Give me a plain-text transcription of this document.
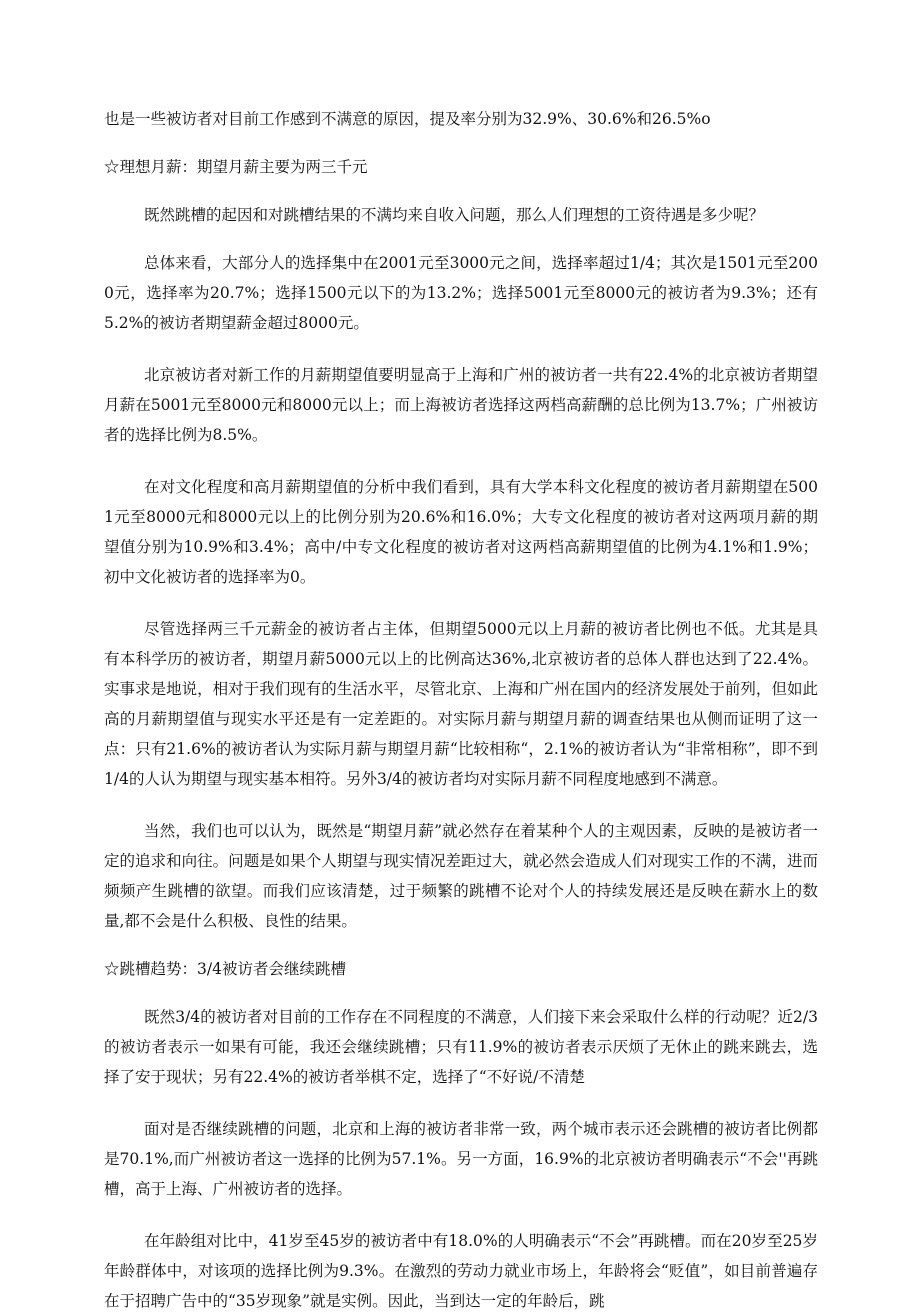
也是一些被访者对目前工作感到不满意的原因，提及率分别为32.9%、30.6%和26.5%o

☆理想月薪：期望月薪主要为两三千元

既然跳槽的起因和对跳槽结果的不满均来自收入问题，那么人们理想的工资待遇是多少呢？

总体来看，大部分人的选择集中在2001元至3000元之间，选择率超过1/4；其次是1501元至2000元，选择率为20.7%；选择1500元以下的为13.2%；选择5001元至8000元的被访者为9.3%；还有5.2%的被访者期望薪金超过8000元。

北京被访者对新工作的月薪期望值要明显高于上海和广州的被访者一共有22.4%的北京被访者期望月薪在5001元至8000元和8000元以上；而上海被访者选择这两档高薪酬的总比例为13.7%；广州被访者的选择比例为8.5%。

在对文化程度和高月薪期望值的分析中我们看到，具有大学本科文化程度的被访者月薪期望在5001元至8000元和8000元以上的比例分别为20.6%和16.0%；大专文化程度的被访者对这两项月薪的期望值分别为10.9%和3.4%；高中/中专文化程度的被访者对这两档高薪期望值的比例为4.1%和1.9%；初中文化被访者的选择率为0。

尽管选择两三千元薪金的被访者占主体，但期望5000元以上月薪的被访者比例也不低。尤其是具有本科学历的被访者，期望月薪5000元以上的比例高达36%,北京被访者的总体人群也达到了22.4%。实事求是地说，相对于我们现有的生活水平，尽管北京、上海和广州在国内的经济发展处于前列，但如此高的月薪期望值与现实水平还是有一定差距的。对实际月薪与期望月薪的调查结果也从侧而证明了这一点：只有21.6%的被访者认为实际月薪与期望月薪“比较相称“，2.1%的被访者认为“非常相称”，即不到1/4的人认为期望与现实基本相符。另外3/4的被访者均对实际月薪不同程度地感到不满意。

当然，我们也可以认为，既然是“期望月薪”就必然存在着某种个人的主观因素，反映的是被访者一定的追求和向往。问题是如果个人期望与现实情况差距过大，就必然会造成人们对现实工作的不满，进而频频产生跳槽的欲望。而我们应该清楚，过于频繁的跳槽不论对个人的持续发展还是反映在薪水上的数量,都不会是什么积极、良性的结果。

☆跳槽趋势：3/4被访者会继续跳槽

既然3/4的被访者对目前的工作存在不同程度的不满意，人们接下来会采取什么样的行动呢？近2/3的被访者表示一如果有可能，我还会继续跳槽；只有11.9%的被访者表示厌烦了无休止的跳来跳去，选择了安于现状；另有22.4%的被访者举棋不定，选择了“不好说/不清楚

面对是否继续跳槽的问题，北京和上海的被访者非常一致，两个城市表示还会跳槽的被访者比例都是70.1%,而广州被访者这一选择的比例为57.1%。另一方面，16.9%的北京被访者明确表示“不会''再跳槽，高于上海、广州被访者的选择。

在年龄组对比中，41岁至45岁的被访者中有18.0%的人明确表示“不会”再跳槽。而在20岁至25岁年龄群体中，对该项的选择比例为9.3%。在激烈的劳动力就业市场上，年龄将会“贬值”，如目前普遍存在于招聘广告中的“35岁现象”就是实例。因此，当到达一定的年龄后，跳
